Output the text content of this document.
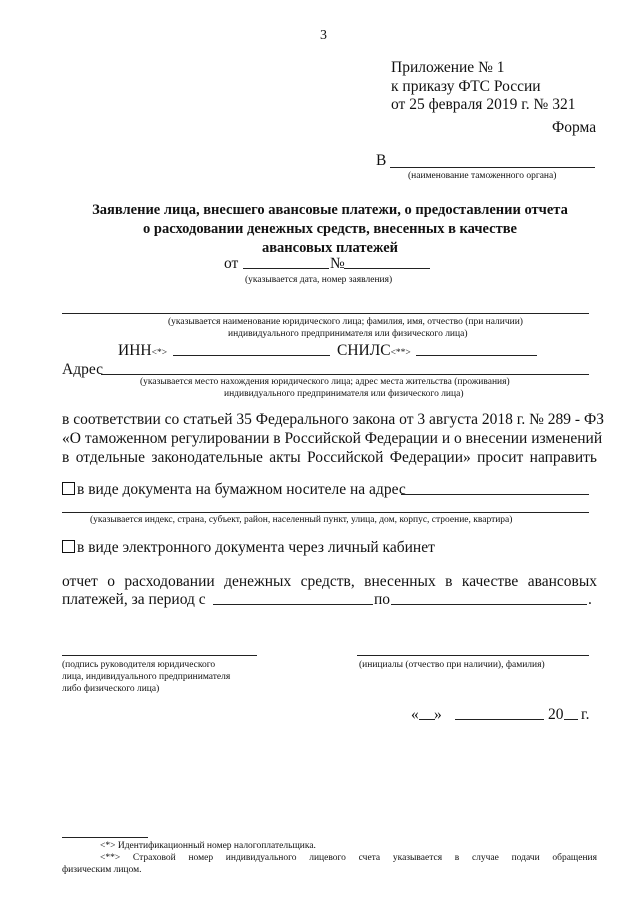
3
Приложение № 1
к приказу ФТС России
от 25 февраля 2019 г. № 321
Форма
В
(наименование таможенного органа)
Заявление лица, внесшего авансовые платежи, о предоставлении отчета
о расходовании денежных средств, внесенных в качестве
авансовых платежей
от	№
(указывается дата, номер заявления)
(указывается наименование юридического лица; фамилия, имя, отчество (при наличии)
индивидуального предпринимателя или физического лица)
ИНН<*>	СНИЛС<**>
Адрес
(указывается место нахождения юридического лица; адрес места жительства (проживания)
индивидуального предпринимателя или физического лица)
в соответствии со статьей 35 Федерального закона от 3 августа 2018 г. № 289 - ФЗ
«О таможенном регулировании в Российской Федерации и о внесении изменений
в отдельные законодательные акты Российской Федерации» просит направить
в виде документа на бумажном носителе на адрес
(указывается индекс, страна, субъект, район, населенный пункт, улица, дом, корпус, строение, квартира)
в виде электронного документа через личный кабинет
отчет о расходовании денежных средств, внесенных в качестве авансовых
платежей, за период с	по	.
(подпись руководителя юридического
лица, индивидуального предпринимателя
либо физического лица)
(инициалы (отчество при наличии), фамилия)
« »	20 г.
<*> Идентификационный номер налогоплательщика.
<**> Страховой номер индивидуального лицевого счета указывается в случае подачи обращения
физическим лицом.
